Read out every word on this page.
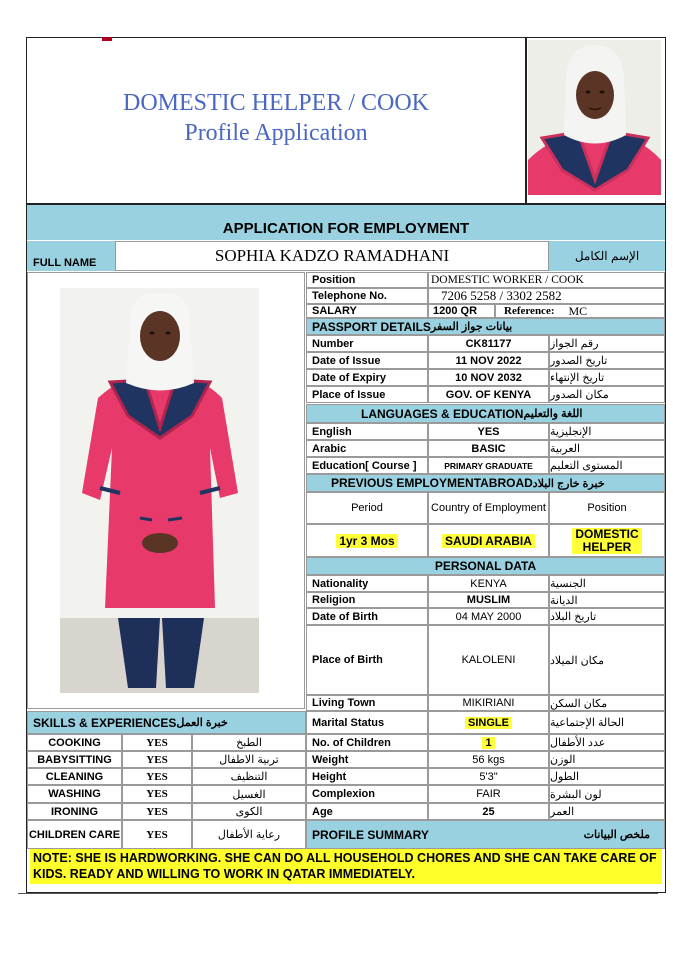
DOMESTIC HELPER / COOK
Profile Application
APPLICATION FOR EMPLOYMENT
FULL NAME	SOPHIA KADZO RAMADHANI	الإسم الكامل
Position	DOMESTIC WORKER / COOK
Telephone No.	7206 5258 / 3302 2582
SALARY	1200 QR	Reference: MC
PASSPORT DETAILS بيانات جواز السفر
Number	CK81177	رقم الجواز
Date of Issue	11 NOV 2022	تاريخ الصدور
Date of Expiry	10 NOV 2032	تاريخ الإنتهاء
Place of Issue	GOV. OF KENYA	مكان الصدور
LANGUAGES & EDUCATION اللغة والتعليم
English	YES	الإنجليزية
Arabic	BASIC	العربية
Education[ Course ]	PRIMARY GRADUATE	المستوى التعليم
PREVIOUS EMPLOYMENTABROAD خبرة خارج البلاد
Period	Country of Employment	Position
1yr 3 Mos	SAUDI ARABIA	DOMESTIC HELPER
PERSONAL DATA
Nationality	KENYA	الجنسية
Religion	MUSLIM	الديانة
Date of Birth	04 MAY 2000	تاريخ البلاد
Place of Birth	KALOLENI	مكان الميلاد
Living Town	MIKIRIANI	مكان السكن
Marital Status	SINGLE	الحالة الإجتماعية
No. of Children	1	عدد الأطفال
Weight	56 kgs	الوزن
Height	5'3"	الطول
Complexion	FAIR	لون البشرة
Age	25	العمر
PROFILE SUMMARY	ملخص البيانات
SKILLS & EXPERIENCES خبرة العمل
COOKING	YES	الطبخ
BABYSITTING	YES	تربية الاطفال
CLEANING	YES	التنظيف
WASHING	YES	الغسيل
IRONING	YES	الكوى
CHILDREN CARE	YES	رعاية الأطفال
NOTE: SHE IS HARDWORKING. SHE CAN DO ALL HOUSEHOLD CHORES AND SHE CAN TAKE CARE OF KIDS. READY AND WILLING TO WORK IN QATAR IMMEDIATELY.
